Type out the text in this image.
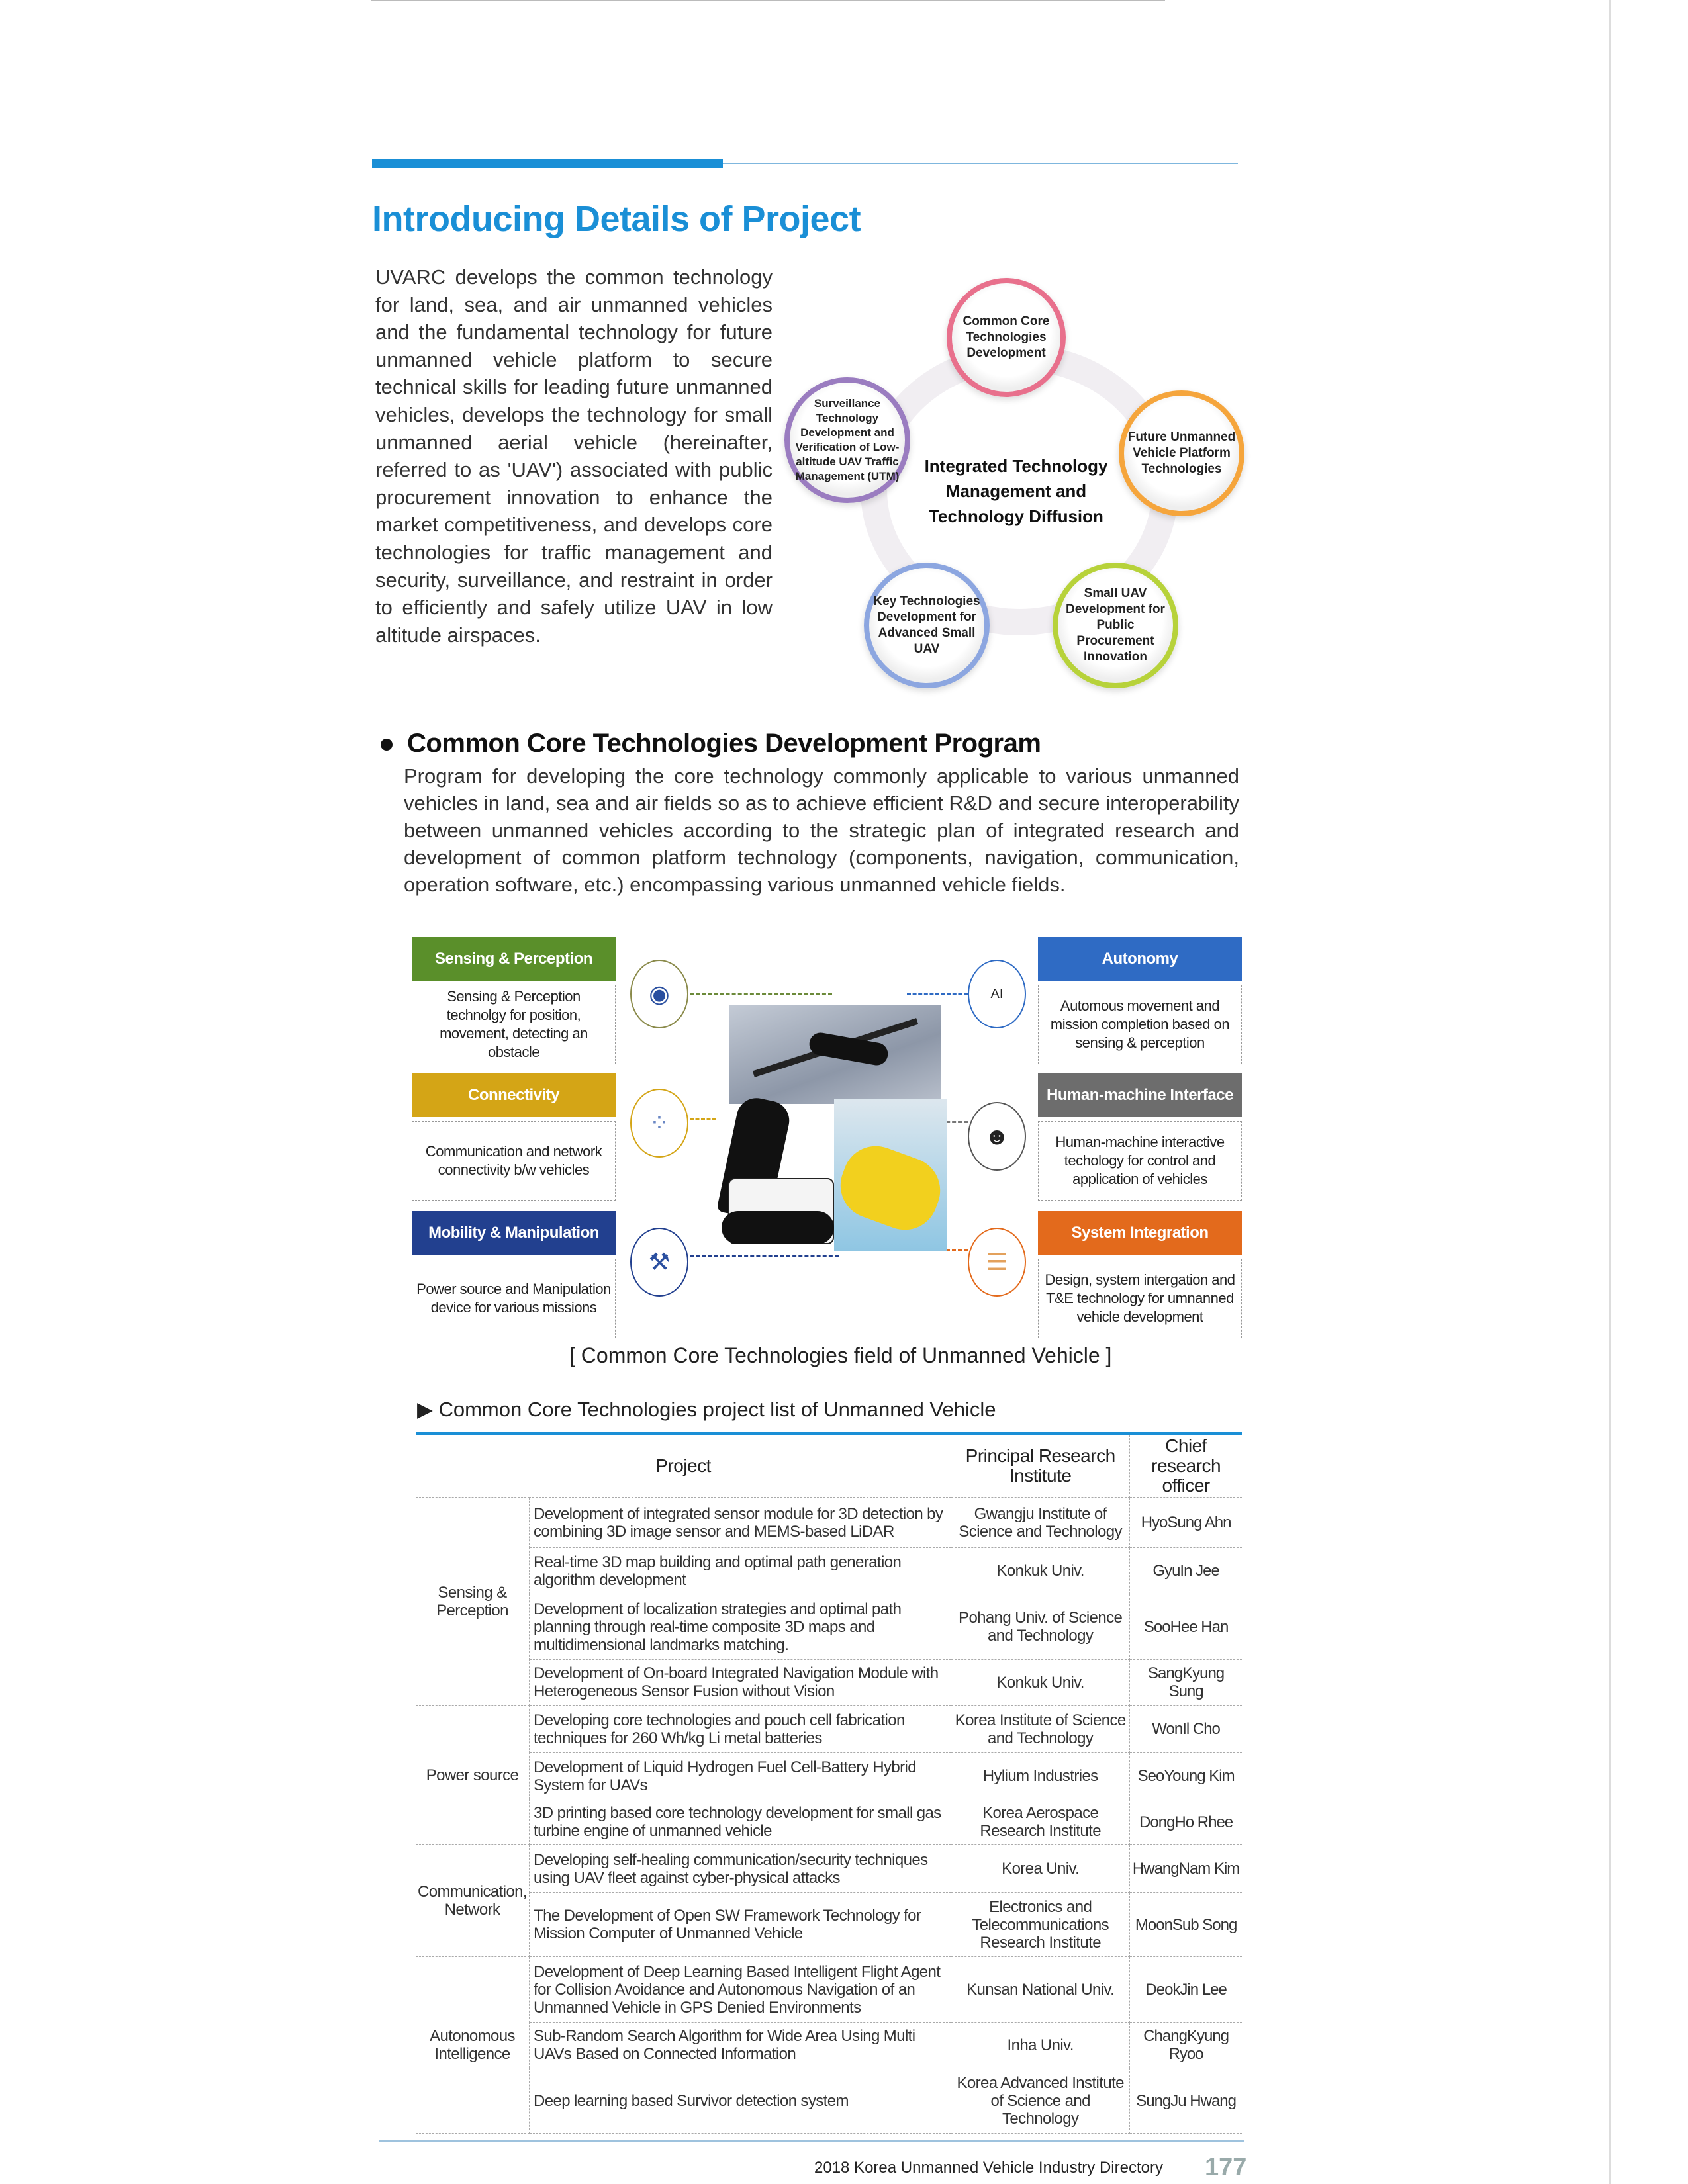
Introducing Details of Project
UVARC develops the common technology for land, sea, and air unmanned vehicles and the fundamental technology for future unmanned vehicle platform to secure technical skills for leading future unmanned vehicles, develops the technology for small unmanned aerial vehicle (hereinafter, referred to as 'UAV') associated with public procurement innovation to enhance the market competitiveness, and develops core technologies for traffic management and security, surveillance, and restraint in order to efficiently and safely utilize UAV in low altitude airspaces.
Common Core Technologies Development
Future Unmanned Vehicle Platform Technologies
Small UAV Development for Public Procurement Innovation
Key Technologies Development for Advanced Small UAV
Surveillance Technology Development and Verification of Low-altitude UAV Traffic Management (UTM)
Integrated Technology Management and Technology Diffusion
Common Core Technologies Development Program
Program for developing the core technology commonly applicable to various unmanned vehicles in land, sea and air fields so as to achieve efficient R&D and secure interoperability between unmanned vehicles according to the strategic plan of integrated research and development of common platform technology (components, navigation, communication, operation software, etc.) encompassing various unmanned vehicle fields.
Sensing & Perception
Sensing & Perception technolgy for position, movement, detecting an obstacle
Connectivity
Communication and network connectivity b/w vehicles
Mobility & Manipulation
Power source and Manipulation device for various missions
Autonomy
Automous movement and mission completion based on sensing & perception
Human-machine Interface
Human-machine interactive techology for control and application of vehicles
System Integration
Design, system intergation and T&E technology for umnanned vehicle development
◉
⁘
⚒
AI
☻
☰
[ Common Core Technologies field of Unmanned Vehicle ]
▶ Common Core Technologies project list of Unmanned Vehicle
Project		Principal Research Institute	Chief research officer
Sensing & Perception	Development of integrated sensor module for 3D detection by combining 3D image sensor and MEMS-based LiDAR	Gwangju Institute of Science and Technology	HyoSung Ahn
	Real-time 3D map building and optimal path generation algorithm development	Konkuk Univ.	GyuIn Jee
	Development of localization strategies and optimal path planning through real-time composite 3D maps and multidimensional landmarks matching.	Pohang Univ. of Science and Technology	SooHee Han
	Development of On-board Integrated Navigation Module with Heterogeneous Sensor Fusion without Vision	Konkuk Univ.	SangKyung Sung
Power source	Developing core technologies and pouch cell fabrication techniques for 260 Wh/kg Li metal batteries	Korea Institute of Science and Technology	WonIl Cho
	Development of Liquid Hydrogen Fuel Cell-Battery Hybrid System for UAVs	Hylium Industries	SeoYoung Kim
	3D printing based core technology development for small gas turbine engine of unmanned vehicle	Korea Aerospace Research Institute	DongHo Rhee
Communication, Network	Developing self-healing communication/security techniques using UAV fleet against cyber-physical attacks	Korea Univ.	HwangNam Kim
	The Development of Open SW Framework Technology for Mission Computer of Unmanned Vehicle	Electronics and Telecommunications Research Institute	MoonSub Song
Autonomous Intelligence	Development of Deep Learning Based Intelligent Flight Agent for Collision Avoidance and Autonomous Navigation of an Unmanned Vehicle in GPS Denied Environments	Kunsan National Univ.	DeokJin Lee
	Sub-Random Search Algorithm for Wide Area Using Multi UAVs Based on Connected Information	Inha Univ.	ChangKyung Ryoo
	Deep learning based Survivor detection system	Korea Advanced Institute of Science and Technology	SungJu Hwang
2018 Korea Unmanned Vehicle Industry Directory 177
